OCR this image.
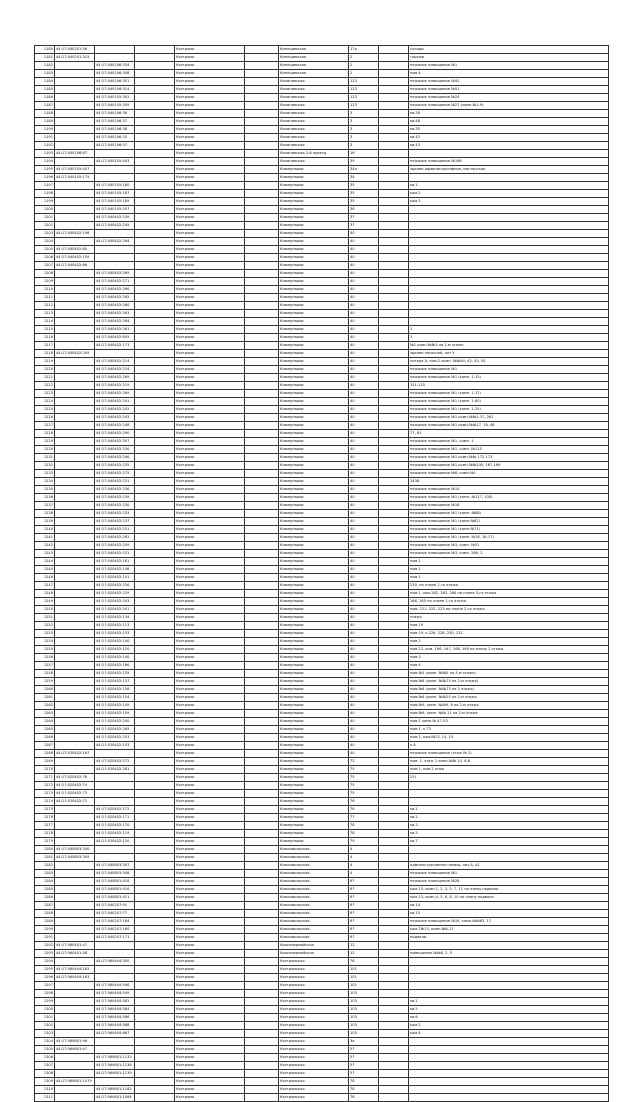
1180	44:27:040201:56			Кострома		Кинешемская	17а		склады
1181	44:27:040201:315			Кострома		Кинешемская	2		гаражи
1182		44:27:040106:334		Кострома		Кинешемская	2		нежилое помещение №1
1183		44:27:040106:308		Кострома		Кинешемская	2		пом.4
1184		44:27:040106:301		Кострома		Калиновская	123		нежилое помещение №92
1185		44:27:040106:314		Кострома		Калиновская	123		нежилое помещение №91
1186		44:27:040105:302		Кострома		Калиновская	123		нежилое помещение №24
1187		44:27:040105:309		Кострома		Калиновская	123		нежилое помещение №27 (комн.№1-9)
1188		44:27:040106:36		Кострома		Калиновская	3		кв.38
1189		44:27:040106:37		Кострома		Калиновская	3		кв.48
1190		44:27:040106:38		Кострома		Калиновская	3		кв.35
1191		44:27:040106:33		Кострома		Калиновская	3		кв.42
1192		44:27:040106:37		Кострома		Калиновская	3		кв.43
1193	44:27:040106:87			Кострома		Калиновская 2-й проезд	16		
1194		44:27:040105:403		Кострома		Калиновская	39		нежилое помещение №166
1195	44:27:040105:407			Кострома		Коммунаров	34а		здание административное, мастерская
1196	44:27:040105:175			Кострома		Коммунаров	34		
1197		44:27:040105:180		Кострома		Коммунаров	35		кв.1
1198		44:27:040105:187		Кострома		Коммунаров	35		ком.2
1199		44:27:040105:189		Кострома		Коммунаров	35		ком.3
1200		44:27:040105:207		Кострома		Коммунаров	36		
1201		44:27:040402:239		Кострома		Коммунаров	37		
1202		44:27:040402:245		Кострома		Коммунаров	37		
1203	44:27:040402:198			Кострома		Коммунаров	40		
1204		44:27:040402:264		Кострома		Коммунаров	40		
1205	44:27:040402:80			Кострома		Коммунаров	40		
1206	44:27:040402:159			Кострома		Коммунаров	40		
1207	44:27:040402:66			Кострома		Коммунаров	40		
1208		44:27:040402:269		Кострома		Коммунаров	40		
1209		44:27:040402:271		Кострома		Коммунаров	40		
1210		44:27:040402:266		Кострома		Коммунаров	40		
1211		44:27:040402:265		Кострома		Коммунаров	40		
1212		44:27:040402:260		Кострома		Коммунаров	40		
1213		44:27:040402:263		Кострома		Коммунаров	40		
1214		44:27:040402:264		Кострома		Коммунаров	40		
1215		44:27:040402:261		Кострома		Коммунаров	40		1
1216		44:27:040402:605		Кострома		Коммунаров	40		2
1217		44:27:040402:173		Кострома		Коммунаров	40		№1 комн.№№3 на 1-м этаже
1218	44:27:040402:209			Кострома		Коммунаров	40		здание насосной, лит.У
1219		44:27:040402:214		Кострома		Коммунаров	40		литера А, пом.2 комн. №№40, 42, 43, 55
1220		44:27:040402:224		Кострома		Коммунаров	40		нежилое помещение №1
1221		44:27:040402:269		Кострома		Коммунаров	40		нежилое помещение №1 (комн. 1-15)
1222		44:27:040402:219		Кострома		Коммунаров	40		121-125
1223		44:27:040402:269		Кострома		Коммунаров	40		нежилое помещение №1 (комн. 1-17)
1224		44:27:040402:241		Кострома		Коммунаров	40		нежилое помещение №1 (комн. 1-60)
1225		44:27:040402:242		Кострома		Коммунаров	40		нежилое помещение №1 (комн. 1-25)
1226		44:27:040402:243		Кострома		Коммунаров	40		нежилое помещение №1 комн.№№1-37, 261
1227		44:27:040402:248		Кострома		Коммунаров	40		нежилое помещение №1 комн.№№17, 18, 48
1228		44:27:040402:290		Кострома		Коммунаров	40		77, 81
1229		44:27:040402:307		Кострома		Коммунаров	40		нежилое помещение №1, комн. 1
1230		44:27:040402:230		Кострома		Коммунаров	40		нежилое помещение №1, комн. №113
1231		44:27:040402:246		Кострома		Коммунаров	40		нежилое помещение №1 комн.№№ 172-173
1232		44:27:040402:235		Кострома		Коммунаров	40		нежилое помещение №1 комн.№№140, 167-169
1233		44:27:040402:275		Кострома		Коммунаров	40		нежилое помещение №8, комн.№1
1234		44:27:040402:231		Кострома		Коммунаров	40		1438
1235		44:27:040402:236		Кострома		Коммунаров	40		нежилое помещение №14
1236		44:27:040402:239		Кострома		Коммунаров	40		нежилое помещение №1 (комн. №117, 108)
1237		44:27:040402:230		Кострома		Коммунаров	40		нежилое помещение №16
1238		44:27:040402:233		Кострома		Коммунаров	40		нежилое помещение №1 (комн. №88)
1239		44:27:040402:237		Кострома		Коммунаров	40		нежилое помещение №1 (комн.№62)
1240		44:27:040402:231		Кострома		Коммунаров	40		нежилое помещение №1 (комн.№71)
1241		44:27:040402:262		Кострома		Коммунаров	40		нежилое помещение №1 (комн. №16, 16-17)
1242		44:27:040402:259		Кострома		Коммунаров	40		нежилое помещение №3, комн. №51
1243		44:27:040402:231		Кострома		Коммунаров	40		нежилое помещение №3, комн. 266, 2
1244		44:27:040402:181		Кострома		Коммунаров	40		пом.1
1245		44:27:020402:148		Кострома		Коммунаров	40		пом.1
1246		44:27:020402:141		Кострома		Коммунаров	40		пом.1
1247		44:27:020402:226		Кострома		Коммунаров	40		230, на плане 2-го этажа
1248		44:27:020402:229		Кострома		Коммунаров	40		пом.1, ком.262, 263, 264 на плане 3-го этажа
1249		44:27:020402:243		Кострома		Коммунаров	40		266, 165 на плане 2-го этажа
1250		44:27:020402:241		Кострома		Коммунаров	40		пом. 221, 222, 223 на плане 2-го этажа
1251		44:27:020402:134		Кострома		Коммунаров	40		этажа
1252		44:27:020402:113		Кострома		Коммунаров	40		пом.19
1253		44:27:020402:133		Кострома		Коммунаров	40		пом.19, к.226, 228, 230, 231
1254		44:27:020402:140		Кострома		Коммунаров	40		пом.2
1255		44:27:020402:120		Кострома		Коммунаров	40		пом.22, ком. 166, 167, 168, 169 по плану 2 этажа
1256		44:27:020402:140		Кострома		Коммунаров	40		пом.3
1257		44:27:020402:166		Кострома		Коммунаров	40		пом.4
1258		44:27:020402:135		Кострома		Коммунаров	40		пом.№5 (комн. №№5 на 3-м этаже)
1259		44:27:020402:137		Кострома		Коммунаров	40		пом.№6 (комн. №№74 на 2-м этаже)
1260		44:27:020402:156		Кострома		Коммунаров	40		пом.№6 (комн. №№73 на 2 этаже)
1261		44:27:020402:154		Кострома		Коммунаров	40		пом.№6 (комн. №№20 на 2-м этаже
1262		44:27:020402:149		Кострома		Коммунаров	40		пом.№9, комн. №№9, 8 на 2-м этаже
1263		44:27:020402:159		Кострома		Коммунаров	40		пом.№9, комн. №№ 11 на 2-м этаже
1264		44:27:020402:240		Кострома		Коммунаров	40		пом.1 комн.№ 47-53
1265		44:27:020402:265		Кострома		Коммунаров	40		пом.1, к.73
1266		44:27:020402:253		Кострома		Коммунаров	40		пом.1, ком.№13, 14, 15
1267		44:27:020402:153		Кострома		Коммунаров	40		к.8
1268	44:27:020402:167			Кострома		Коммунаров	40		нежилое помещение (этаж № 2)
1269		44:27:020402:272		Кострома		Коммунаров	72		пом. 1, этаж 2 комн.№№ 14, 6-8
1270		44:27:020402:281		Кострома		Коммунаров	75		пом.1, пом.2 этаж
1271	44:27:020402:76			Кострома		Коммунаров	75		25)
1272	44:27:020402:74			Кострома		Коммунаров	75		
1273	44:27:020402:73			Кострома		Коммунаров	75		
1274	44:27:020402:72			Кострома		Коммунаров	76		
1275		44:27:020402:172		Кострома		Коммунаров	76		кв.1
1276		44:27:020402:171		Кострома		Коммунаров	77		кв.2
1277		44:27:020402:170		Кострома		Коммунаров	78		кв.3
1278		44:27:020402:119		Кострома		Коммунаров	78		кв.5
1279		44:27:020402:120		Кострома		Коммунаров	79		кв.7
1280	44:27:040803:340			Кострома		Комсомольская	4		
1281	44:27:040803:309			Кострома		Комсомольская	4		
1282		44:27:040803:307		Кострома		Комсомольская	4		административное помещ. лит.А, А1
1283		44:27:040803:308		Кострома		Комсомольская	4		нежилое помещение №1
1284		44:27:040801:418		Кострома		Комсомольская	67		нежилое помещение №28
1285		44:27:040801:416		Кострома		Комсомольская	67		ком.13, комн.1, 2, 3, 5, 7, 11 по плану подвала
1286		44:27:040801:411		Кострома		Комсомольская	67		ком.13, комн.4, 5, 6, 8, 10 по плану подвала
1287		44:27:040207:91		Кострома		Комсомольская	67		кв.14
1288		44:27:040207:77		Кострома		Комсомольская	67		кв.15
1289		44:27:040207:164		Кострома		Комсомольская	67		нежилое помещение №16, комн.№№63, 17
1290		44:27:040207:160		Кострома		Комсомольская	67		ком.7№15, комн.№8-11
1291		44:27:040207:171		Кострома		Комсомольская	67		подвалы
1292	44:27:060401:47			Кострома		Красноармейская	12		
1293	44:27:060401:48			Кострома		Красноармейская	12		помещение №№8, 2, 5
1294		44:27:060404:300		Кострома		Костромская	76		
1295	44:27:060404:162			Кострома		Костромская	101		
1296	44:27:060404:163			Кострома		Костромская	101		
1297		44:27:060404:546		Кострома		Костромская	101		
1298		44:27:060404:549		Кострома		Костромская	103		
1299		44:27:060404:582		Кострома		Костромская	103		кв.1
1300		44:27:060404:584		Кострома		Костромская	103		кв.5
1301		44:27:060404:586		Кострома		Костромская	103		кв.6
1302		44:27:060404:588		Кострома		Костромская	103		ком.2
1303		44:27:060404:667		Кострома		Костромская	103		ком.4
1304	44:27:060601:96			Кострома		Костромская	3а		
1305	44:27:060601:47			Кострома		Костромская	57		
1306		44:27:060601:1135		Кострома		Костромская	57		
1307		44:27:060601:1136		Кострома		Костромская	57		
1308		44:27:060601:1139		Кострома		Костромская	57		
1309	44:27:060601:1079			Кострома		Костромская	78		
1310		44:27:060601:1182		Кострома		Костромская	78		
1311		44:27:060601:1086		Кострома		Костромская	78		
